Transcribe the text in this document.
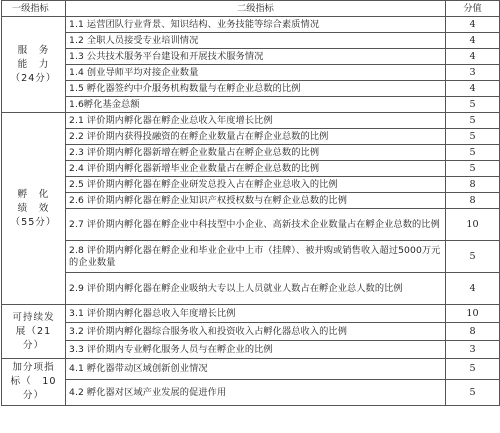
一级指标	二级指标	分值

服　务
能　力
（24分）	1.1 运营团队行业背景、知识结构、业务技能等综合素质情况	4
	1.2 全职人员接受专业培训情况	4
	1.3 公共技术服务平台建设和开展技术服务情况	4
	1.4 创业导师平均对接企业数量	3
	1.5 孵化器签约中介服务机构数量与在孵企业总数的比例	4
	1.6孵化基金总额	5

孵　化
绩　效
（55分）	2.1 评价期内孵化器在孵企业总收入年度增长比例	5
	2.2 评价期内获得投融资的在孵企业数量占在孵企业总数的比例	5
	2.3 评价期内孵化器新增在孵企业数量占在孵企业总数的比例	5
	2.4 评价期内孵化器新增毕业企业数量占在孵企业总数的比例	5
	2.5 评价期内孵化器在孵企业研发总投入占在孵企业总收入的比例	8
	2.6 评价期内孵化器在孵企业知识产权授权数与在孵企业总数的比例	8
	2.7 评价期内孵化器在孵企业中科技型中小企业、高新技术企业数量占在孵企业总数的比例	10
	2.8 评价期内孵化器在孵企业和毕业企业中上市（挂牌）、被并购或销售收入超过5000万元的企业数量	5
	2.9 评价期内孵化器在孵企业吸纳大专以上人员就业人数占在孵企业总人数的比例	4

可持续发
展（21
分）	3.1 评价期内孵化器总收入年度增长比例	10
	3.2 评价期内孵化器综合服务收入和投资收入占孵化器总收入的比例	8
	3.3 评价期内专业孵化服务人员与在孵企业的比例	3

加分项指
标（　10
分）	4.1 孵化器带动区域创新创业情况	5
	4.2 孵化器对区域产业发展的促进作用	5
